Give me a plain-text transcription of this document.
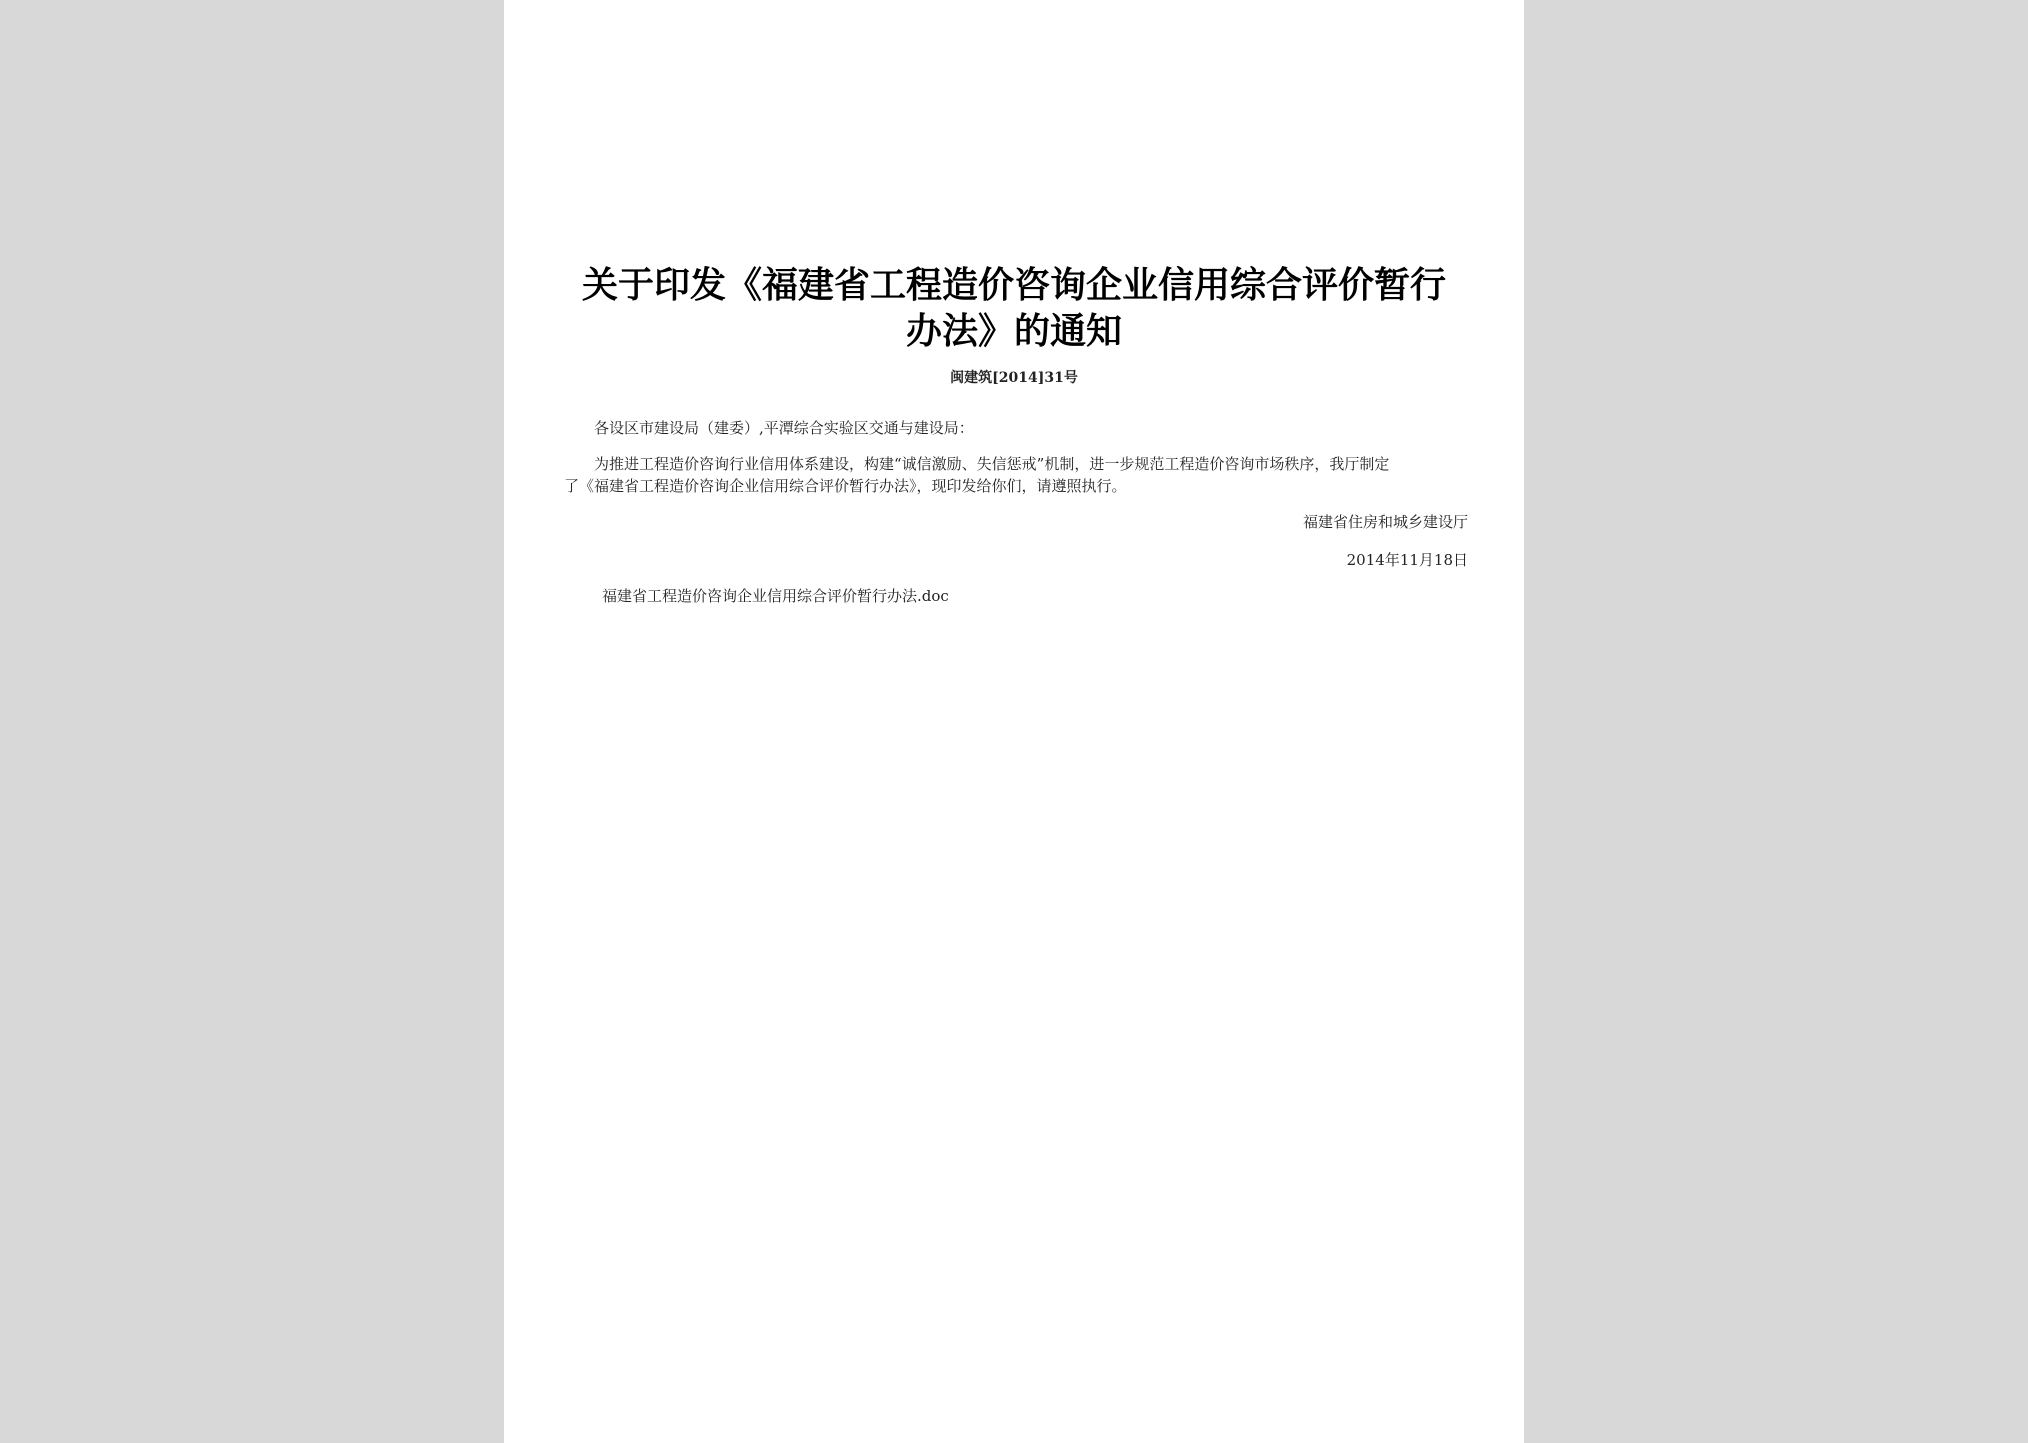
关于印发《福建省工程造价咨询企业信用综合评价暂行
办法》的通知
闽建筑[2014]31号
各设区市建设局（建委）,平潭综合实验区交通与建设局：
为推进工程造价咨询行业信用体系建设，构建“诚信激励、失信惩戒”机制，进一步规范工程造价咨询市场秩序，我厅制定
了《福建省工程造价咨询企业信用综合评价暂行办法》，现印发给你们，请遵照执行。
福建省住房和城乡建设厅
2014年11月18日
福建省工程造价咨询企业信用综合评价暂行办法.doc
